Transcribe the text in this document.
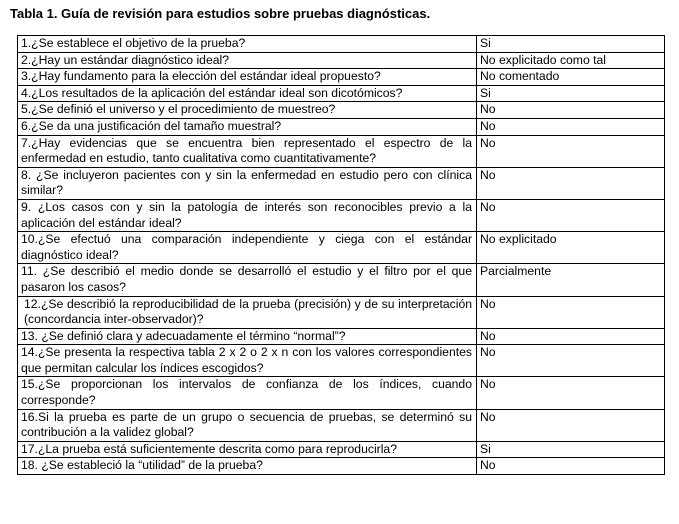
Tabla 1. Guía de revisión para estudios sobre pruebas diagnósticas.
1.¿Se establece el objetivo de la prueba?	Si
2.¿Hay un estándar diagnóstico ideal?	No explicitado como tal
3.¿Hay fundamento para la elección del estándar ideal propuesto?	No comentado
4.¿Los resultados de la aplicación del estándar ideal son dicotómicos?	Si
5.¿Se definió el universo y el procedimiento de muestreo?	No
6.¿Se da una justificación del tamaño muestral?	No
7.¿Hay evidencias que se encuentra bien representado el espectro de la enfermedad en estudio, tanto cualitativa como cuantitativamente?	No
8. ¿Se incluyeron pacientes con y sin la enfermedad en estudio pero con clínica similar?	No
9. ¿Los casos con y sin la patología de interés son reconocibles previo a la aplicación del estándar ideal?	No
10.¿Se efectuó una comparación independiente y ciega con el estándar diagnóstico ideal?	No explicitado
11. ¿Se describió el medio donde se desarrolló el estudio y el filtro por el que pasaron los casos?	Parcialmente
12.¿Se describió la reproducibilidad de la prueba (precisión) y de su interpretación (concordancia inter-observador)?	No
13. ¿Se definió clara y adecuadamente el término “normal”?	No
14.¿Se presenta la respectiva tabla 2 x 2 o 2 x n con los valores correspondientes que permitan calcular los índices escogidos?	No
15.¿Se proporcionan los intervalos de confianza de los índices, cuando corresponde?	No
16.Si la prueba es parte de un grupo o secuencia de pruebas, se determinó su contribución a la validez global?	No
17.¿La prueba está suficientemente descrita como para reproducirla?	Si
18. ¿Se estableció la “utilidad” de la prueba?	No
